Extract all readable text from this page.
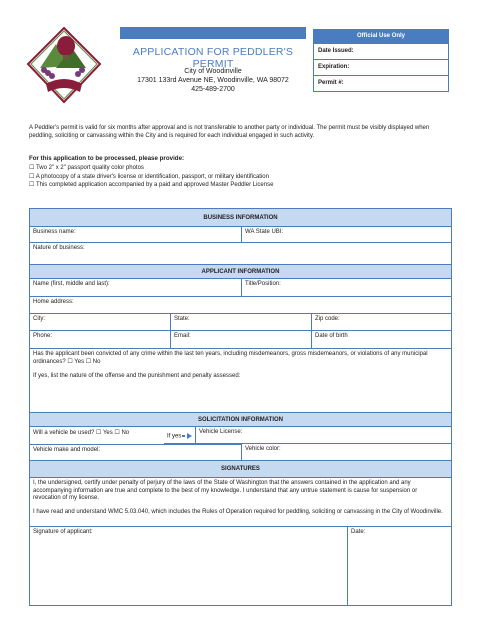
APPLICATION FOR PEDDLER'S PERMIT
City of Woodinville
17301 133rd Avenue NE, Woodinville, WA 98072
425-489-2700
Official Use Only
Date Issued:
Expiration:
Permit #:
A Peddler's permit is valid for six months after approval and is not transferable to another party or individual. The permit must be visibly displayed when peddling, soliciting or canvassing within the City and is required for each individual engaged in such activity.
For this application to be processed, please provide:
☐ Two 2" x 2" passport quality color photos
☐ A photocopy of a state driver's license or identification, passport, or military identification
☐ This completed application accompanied by a paid and approved Master Peddler License
BUSINESS INFORMATION
Business name:	WA State UBI:
Nature of business:
APPLICANT INFORMATION
Name (first, middle and last):	Title/Position:
Home address:
City:	State:	Zip code:
Phone:	Email:	Date of birth
Has the applicant been convicted of any crime within the last ten years, including misdemeanors, gross misdemeanors, or violations of any municipal ordinances? ☐ Yes ☐ No
If yes, list the nature of the offense and the punishment and penalty assessed:
SOLICITATION INFORMATION
Will a vehicle be used? ☐ Yes ☐ No
If yes
Vehicle License:
Vehicle make and model:	Vehicle color:
SIGNATURES
I, the undersigned, certify under penalty of perjury of the laws of the State of Washington that the answers contained in the application and any accompanying information are true and complete to the best of my knowledge. I understand that any untrue statement is cause for suspension or revocation of my license.
I have read and understand WMC 5.03.040, which includes the Rules of Operation required for peddling, soliciting or canvassing in the City of Woodinville.
Signature of applicant:	Date:
